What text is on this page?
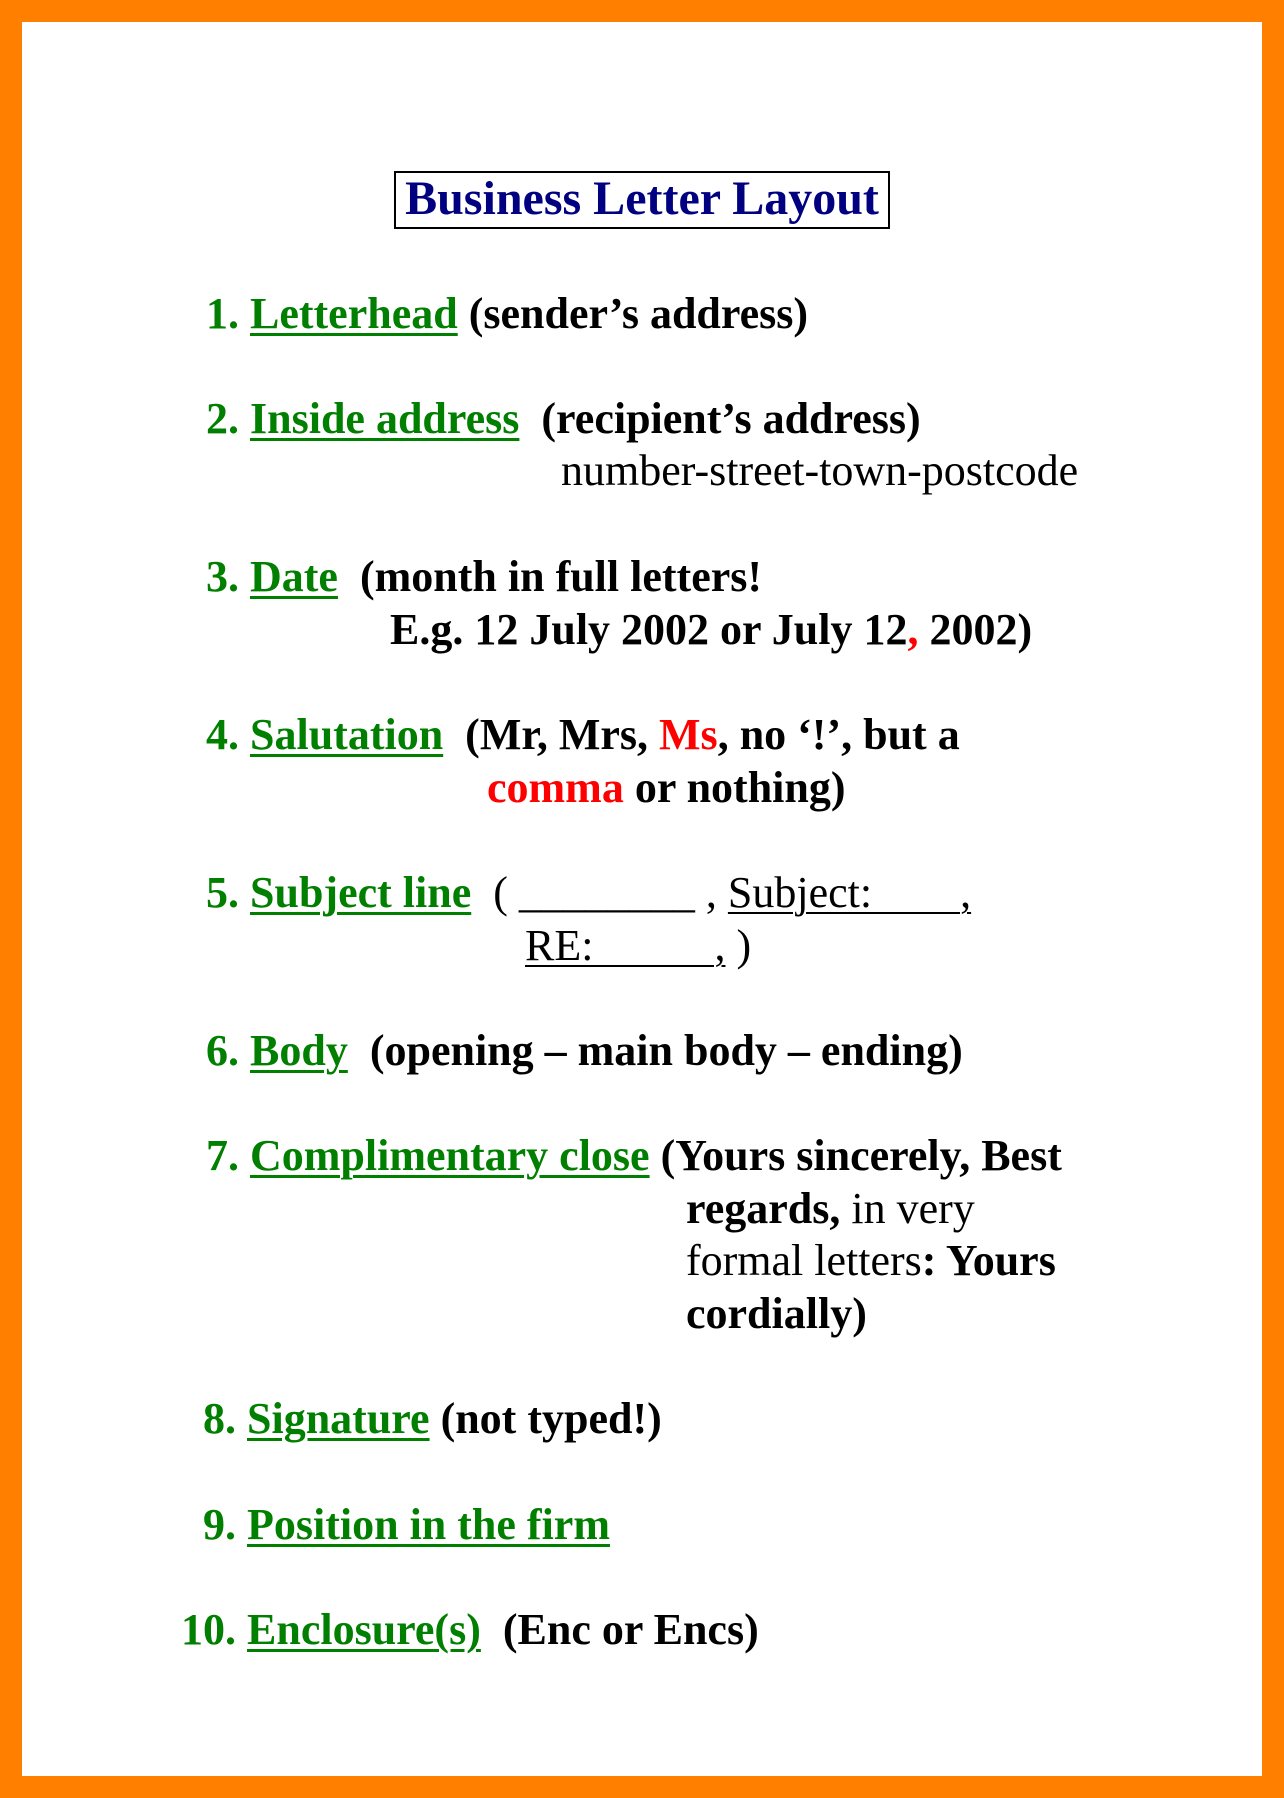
Business Letter Layout
1. Letterhead (sender’s address)
2. Inside address (recipient’s address)
number-street-town-postcode
3. Date (month in full letters!
E.g. 12 July 2002 or July 12, 2002)
4. Salutation (Mr, Mrs, Ms, no ‘!’, but a
comma or nothing)
5. Subject line ( ________ , Subject:        ,
RE:           , )
6. Body (opening – main body – ending)
7. Complimentary close (Yours sincerely, Best
regards, in very
formal letters: Yours
cordially)
8. Signature (not typed!)
9. Position in the firm
10. Enclosure(s) (Enc or Encs)
